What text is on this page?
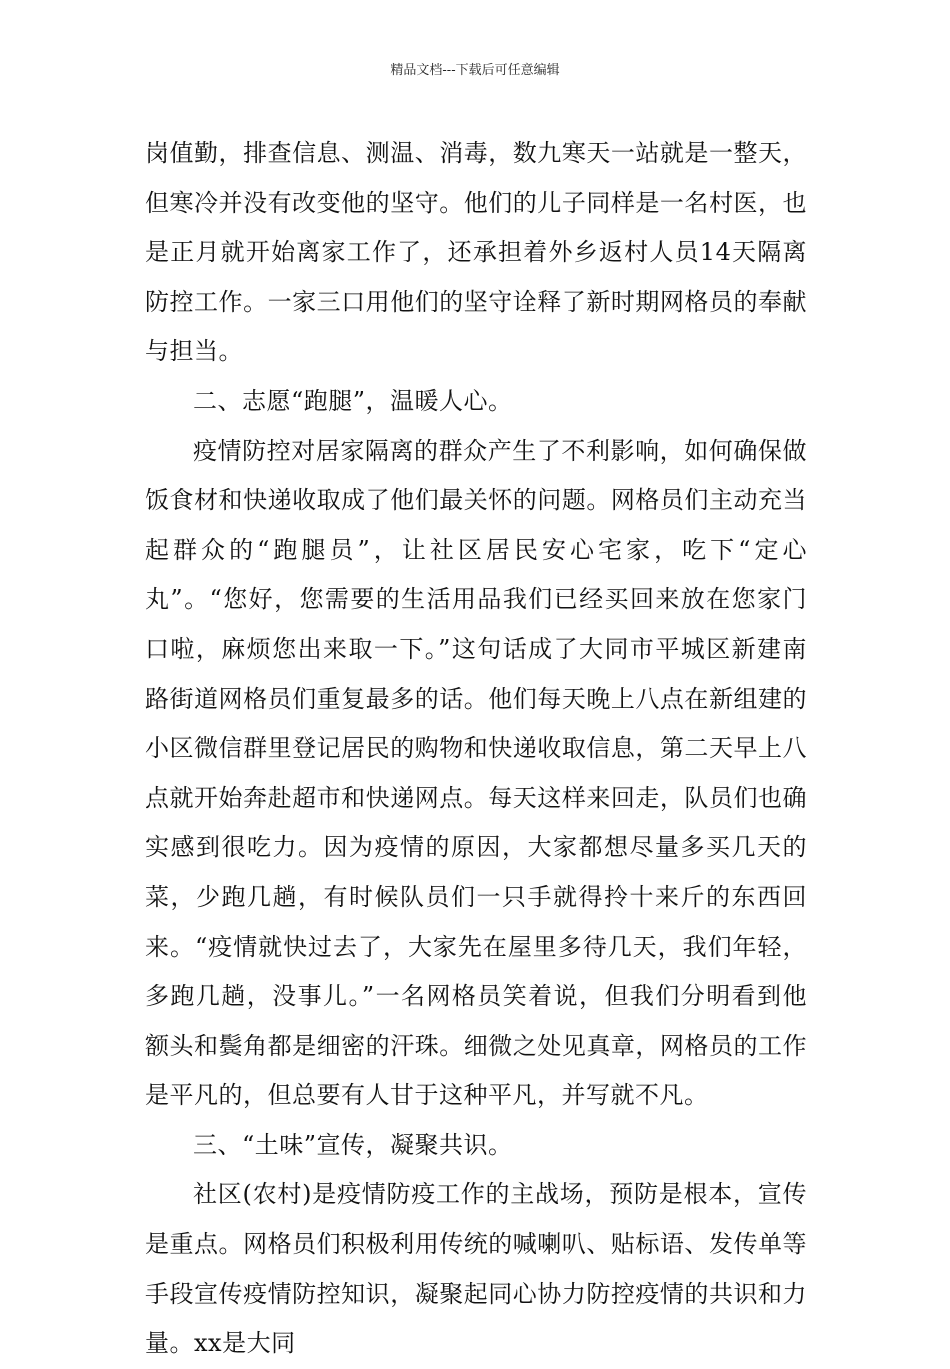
精品文档---下载后可任意编辑

岗值勤，排查信息、测温、消毒，数九寒天一站就是一整天，但寒冷并没有改变他的坚守。他们的儿子同样是一名村医，也是正月就开始离家工作了，还承担着外乡返村人员14天隔离防控工作。一家三口用他们的坚守诠释了新时期网格员的奉献与担当。

二、志愿“跑腿”，温暖人心。

疫情防控对居家隔离的群众产生了不利影响，如何确保做饭食材和快递收取成了他们最关怀的问题。网格员们主动充当起群众的“跑腿员”，让社区居民安心宅家，吃下“定心丸”。“您好，您需要的生活用品我们已经买回来放在您家门口啦，麻烦您出来取一下。”这句话成了大同市平城区新建南路街道网格员们重复最多的话。他们每天晚上八点在新组建的小区微信群里登记居民的购物和快递收取信息，第二天早上八点就开始奔赴超市和快递网点。每天这样来回走，队员们也确实感到很吃力。因为疫情的原因，大家都想尽量多买几天的菜，少跑几趟，有时候队员们一只手就得拎十来斤的东西回来。“疫情就快过去了，大家先在屋里多待几天，我们年轻，多跑几趟，没事儿。”一名网格员笑着说，但我们分明看到他额头和鬓角都是细密的汗珠。细微之处见真章，网格员的工作是平凡的，但总要有人甘于这种平凡，并写就不凡。

三、“土味”宣传，凝聚共识。

社区(农村)是疫情防疫工作的主战场，预防是根本，宣传是重点。网格员们积极利用传统的喊喇叭、贴标语、发传单等手段宣传疫情防控知识，凝聚起同心协力防控疫情的共识和力量。xx是大同
